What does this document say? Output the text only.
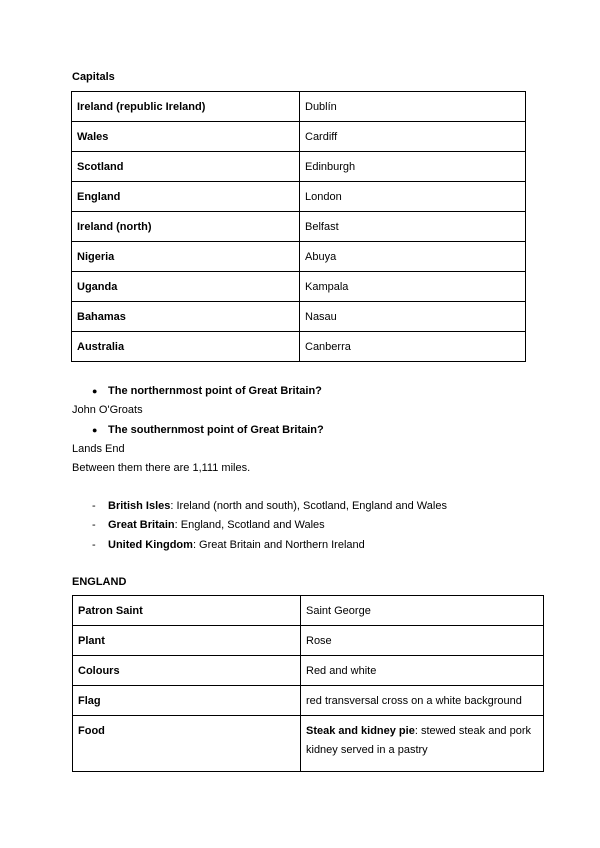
Capitals
Ireland (republic Ireland)	Dublín
Wales	Cardiff
Scotland	Edinburgh
England	London
Ireland (north)	Belfast
Nigeria	Abuya
Uganda	Kampala
Bahamas	Nasau
Australia	Canberra
● The northernmost point of Great Britain?
John O'Groats
● The southernmost point of Great Britain?
Lands End
Between them there are 1,111 miles.
- British Isles: Ireland (north and south), Scotland, England and Wales
- Great Britain: England, Scotland and Wales
- United Kingdom: Great Britain and Northern Ireland
ENGLAND
Patron Saint	Saint George
Plant	Rose
Colours	Red and white
Flag	red transversal cross on a white background
Food	Steak and kidney pie: stewed steak and pork kidney served in a pastry
